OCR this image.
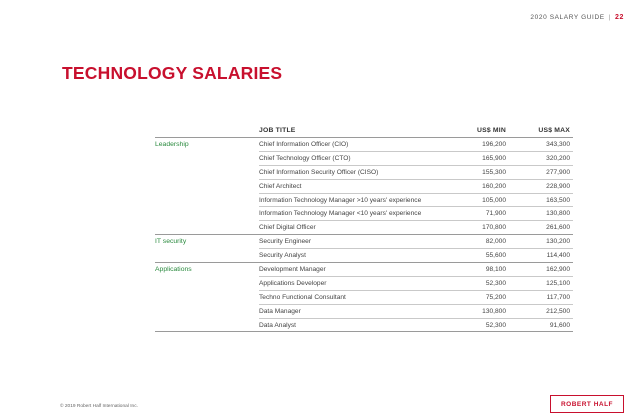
2020 SALARY GUIDE | 22
TECHNOLOGY SALARIES
JOB TITLE	US$ MIN	US$ MAX
Leadership	Chief Information Officer (CIO)	196,200	343,300
Chief Technology Officer (CTO)	165,900	320,200
Chief Information Security Officer (CISO)	155,300	277,900
Chief Architect	160,200	228,900
Information Technology Manager >10 years' experience	105,000	163,500
Information Technology Manager <10 years' experience	71,900	130,800
Chief Digital Officer	170,800	261,600
IT security	Security Engineer	82,000	130,200
Security Analyst	55,600	114,400
Applications	Development Manager	98,100	162,900
Applications Developer	52,300	125,100
Techno Functional Consultant	75,200	117,700
Data Manager	130,800	212,500
Data Analyst	52,300	91,600
© 2019 Robert Half International Inc.	ROBERT HALF
